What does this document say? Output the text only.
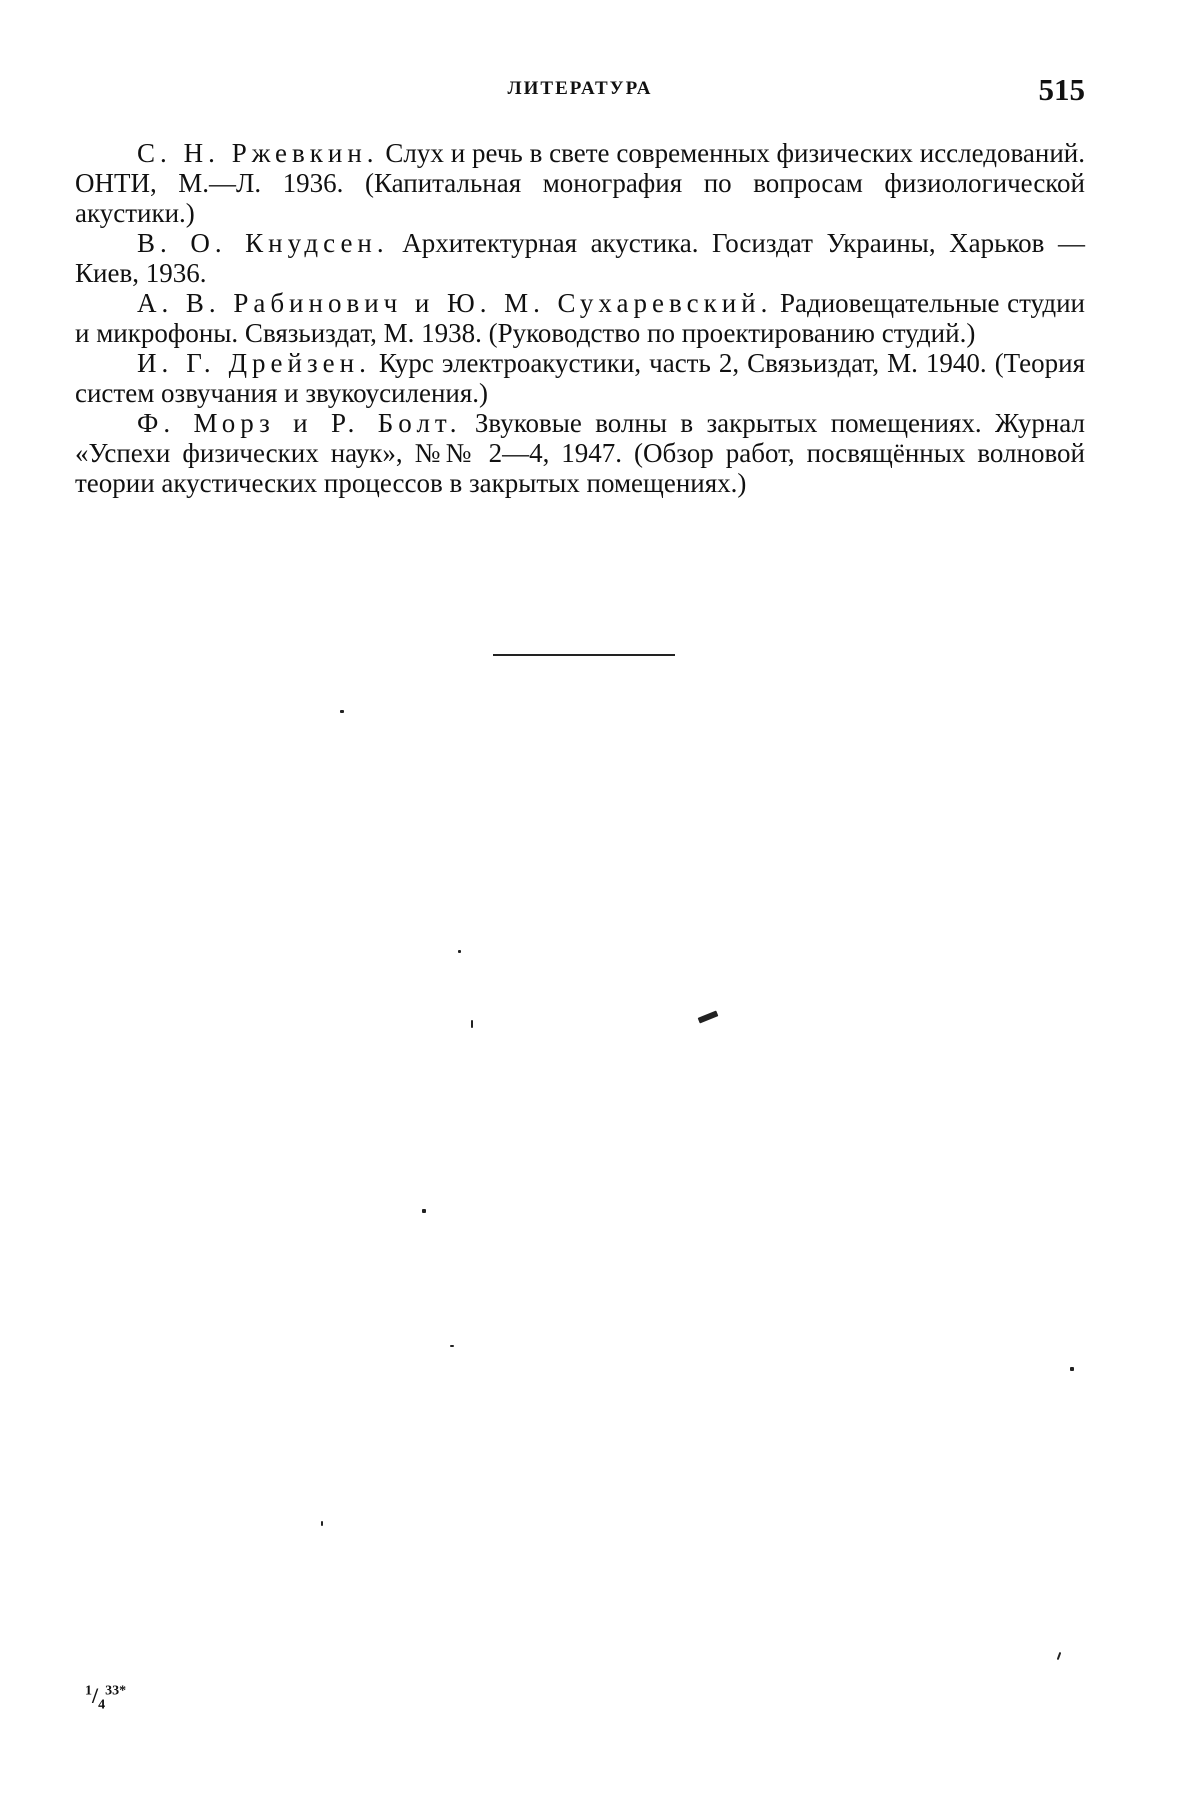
ЛИТЕРАТУРА	515

С. Н. Ржевкин. Слух и речь в свете современных физических исследований. ОНТИ, М.—Л. 1936. (Капитальная монография по вопросам физиологической акустики.)

В. О. Кнудсен. Архитектурная акустика. Госиздат Украины, Харьков — Киев, 1936.

А. В. Рабинович и Ю. М. Сухаревский. Радиовещательные студии и микрофоны. Связьиздат, М. 1938. (Руководство по проектированию студий.)

И. Г. Дрейзен. Курс электроакустики, часть 2, Связьиздат, М. 1940. (Теория систем озвучания и звукоусиления.)

Ф. Морз и Р. Болт. Звуковые волны в закрытых помещениях. Журнал «Успехи физических наук», №№ 2—4, 1947. (Обзор работ, посвящённых волновой теории акустических процессов в закрытых помещениях.)

$^1/_4^{33*}$
